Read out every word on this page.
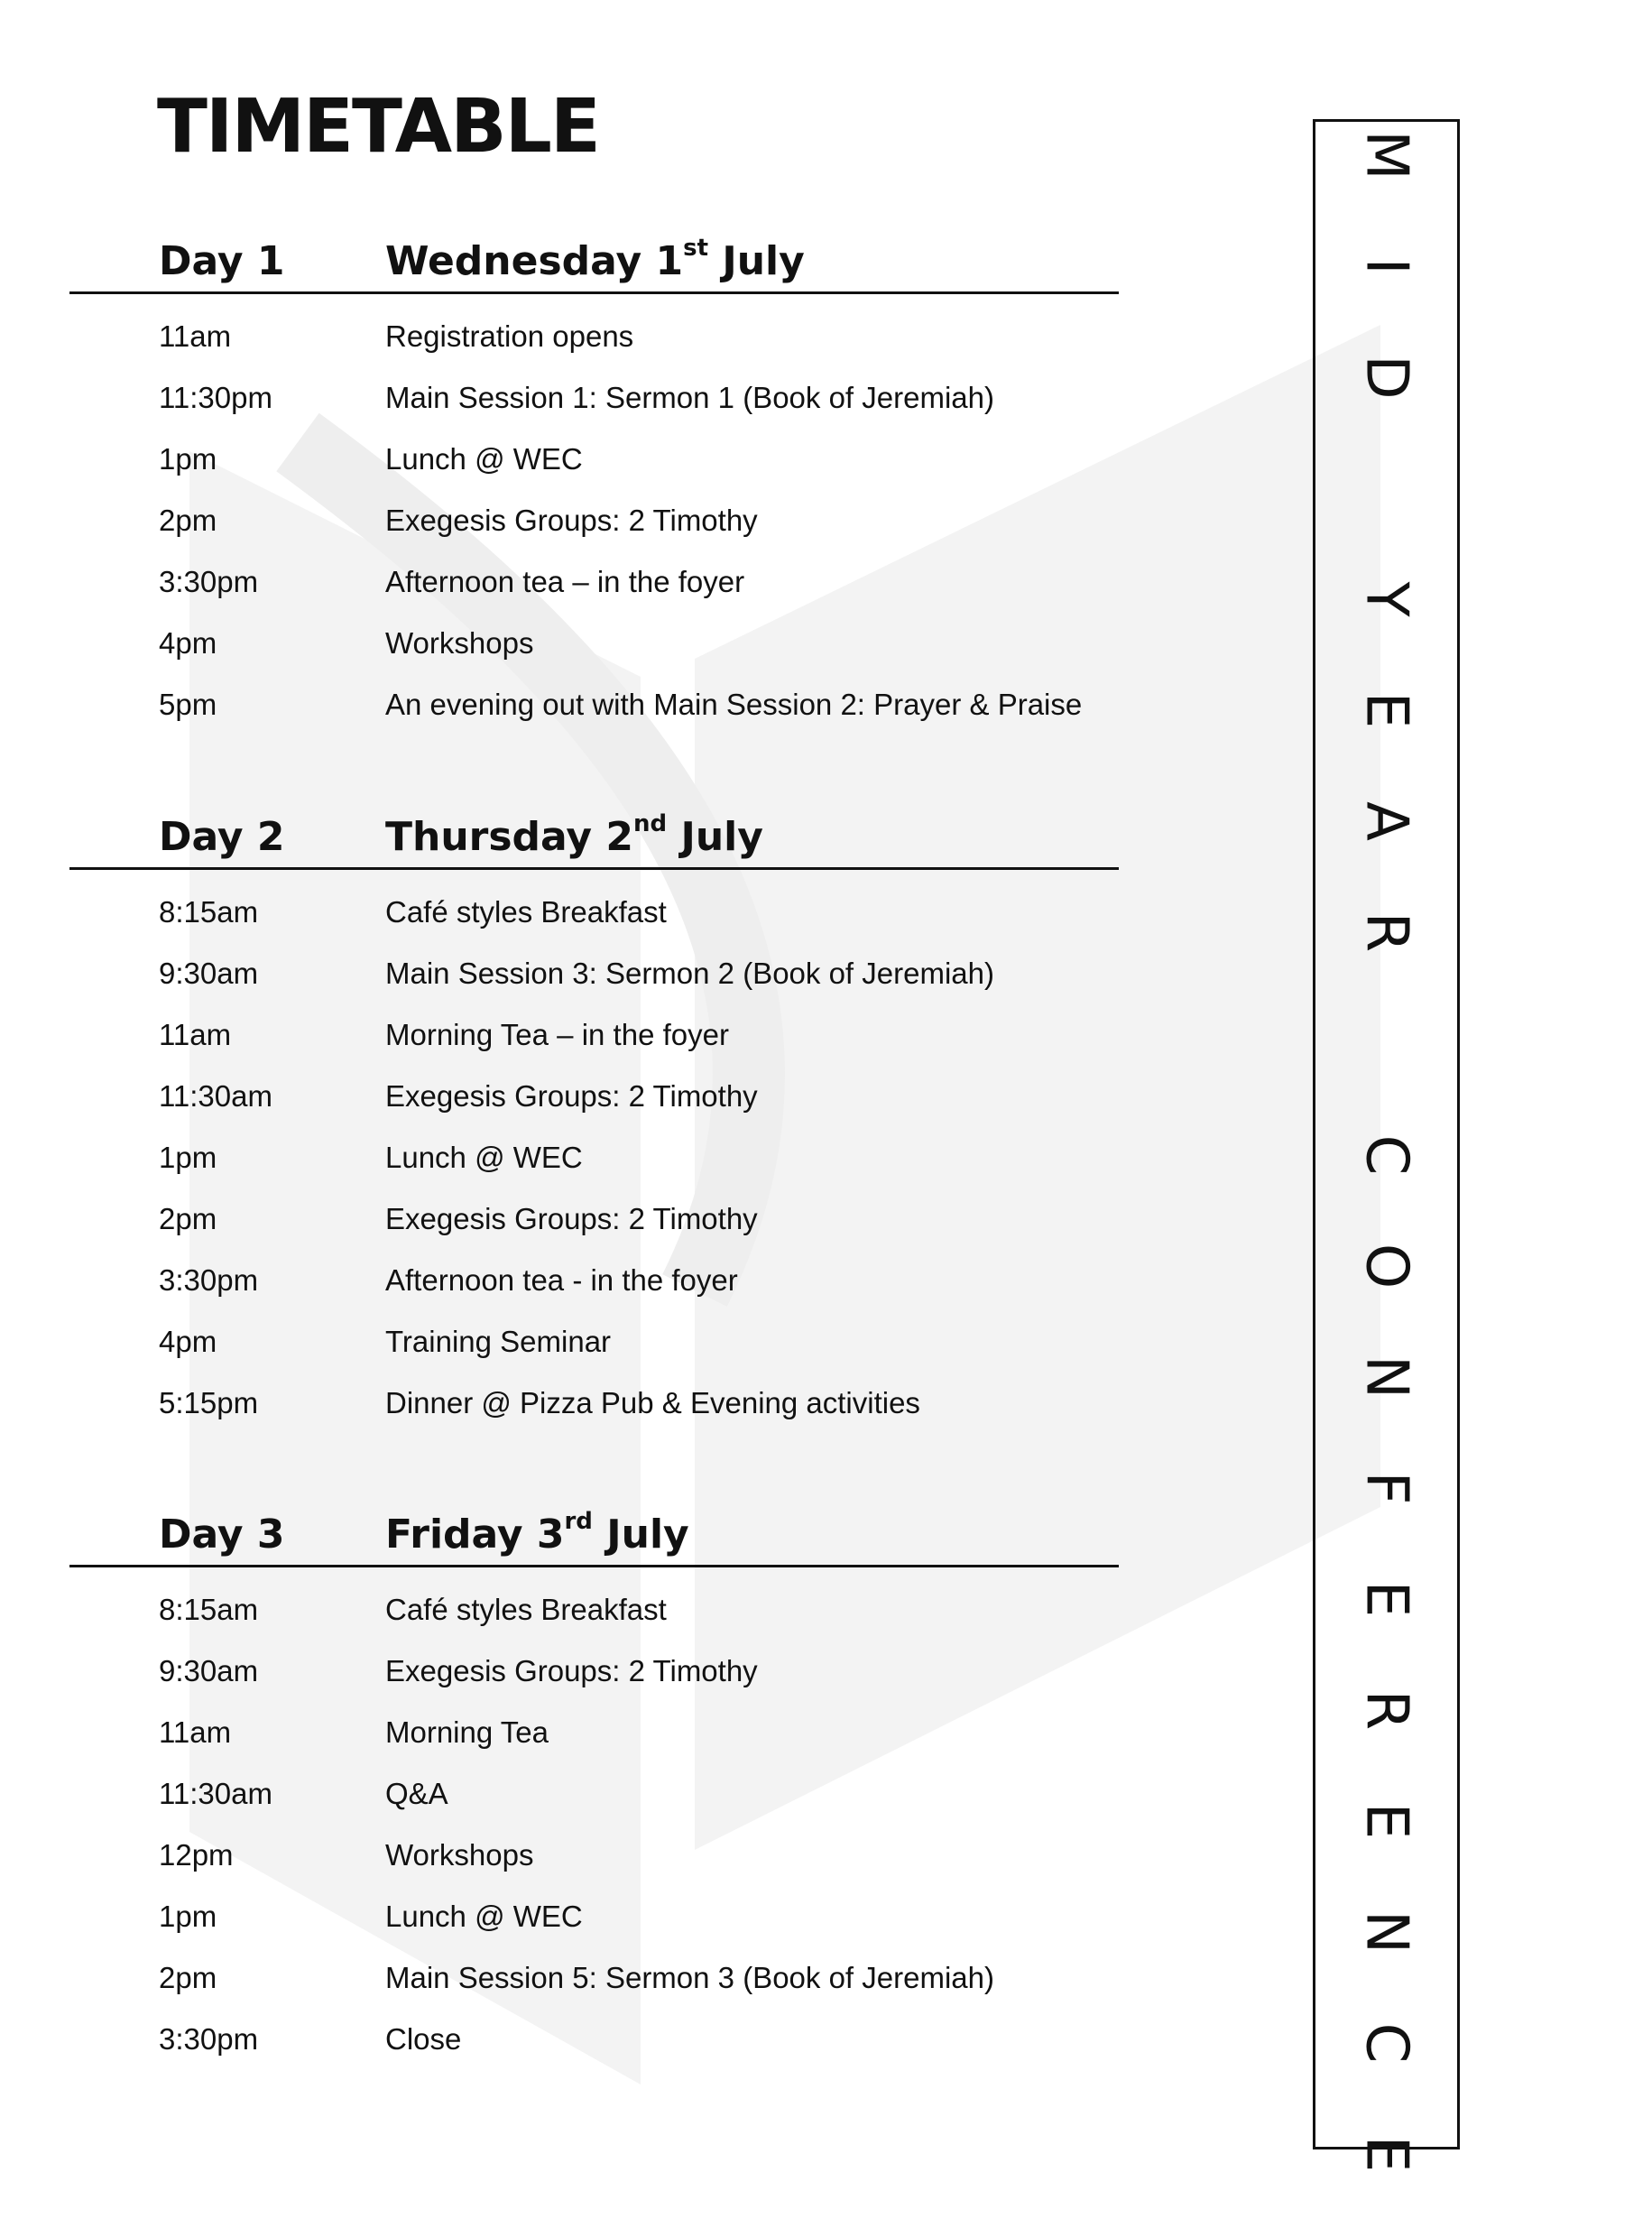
TIMETABLE
Day 1	Wednesday 1st July
11am	Registration opens
11:30pm	Main Session 1: Sermon 1 (Book of Jeremiah)
1pm	Lunch @ WEC
2pm	Exegesis Groups: 2 Timothy
3:30pm	Afternoon tea – in the foyer
4pm	Workshops
5pm	An evening out with Main Session 2: Prayer & Praise
Day 2	Thursday 2nd July
8:15am	Café styles Breakfast
9:30am	Main Session 3: Sermon 2 (Book of Jeremiah)
11am	Morning Tea – in the foyer
11:30am	Exegesis Groups: 2 Timothy
1pm	Lunch @ WEC
2pm	Exegesis Groups: 2 Timothy
3:30pm	Afternoon tea - in the foyer
4pm	Training Seminar
5:15pm	Dinner @ Pizza Pub & Evening activities
Day 3	Friday 3rd July
8:15am	Café styles Breakfast
9:30am	Exegesis Groups: 2 Timothy
11am	Morning Tea
11:30am	Q&A
12pm	Workshops
1pm	Lunch @ WEC
2pm	Main Session 5: Sermon 3 (Book of Jeremiah)
3:30pm	Close
M
I
D
Y
E
A
R
C
O
N
F
E
R
E
N
C
E
